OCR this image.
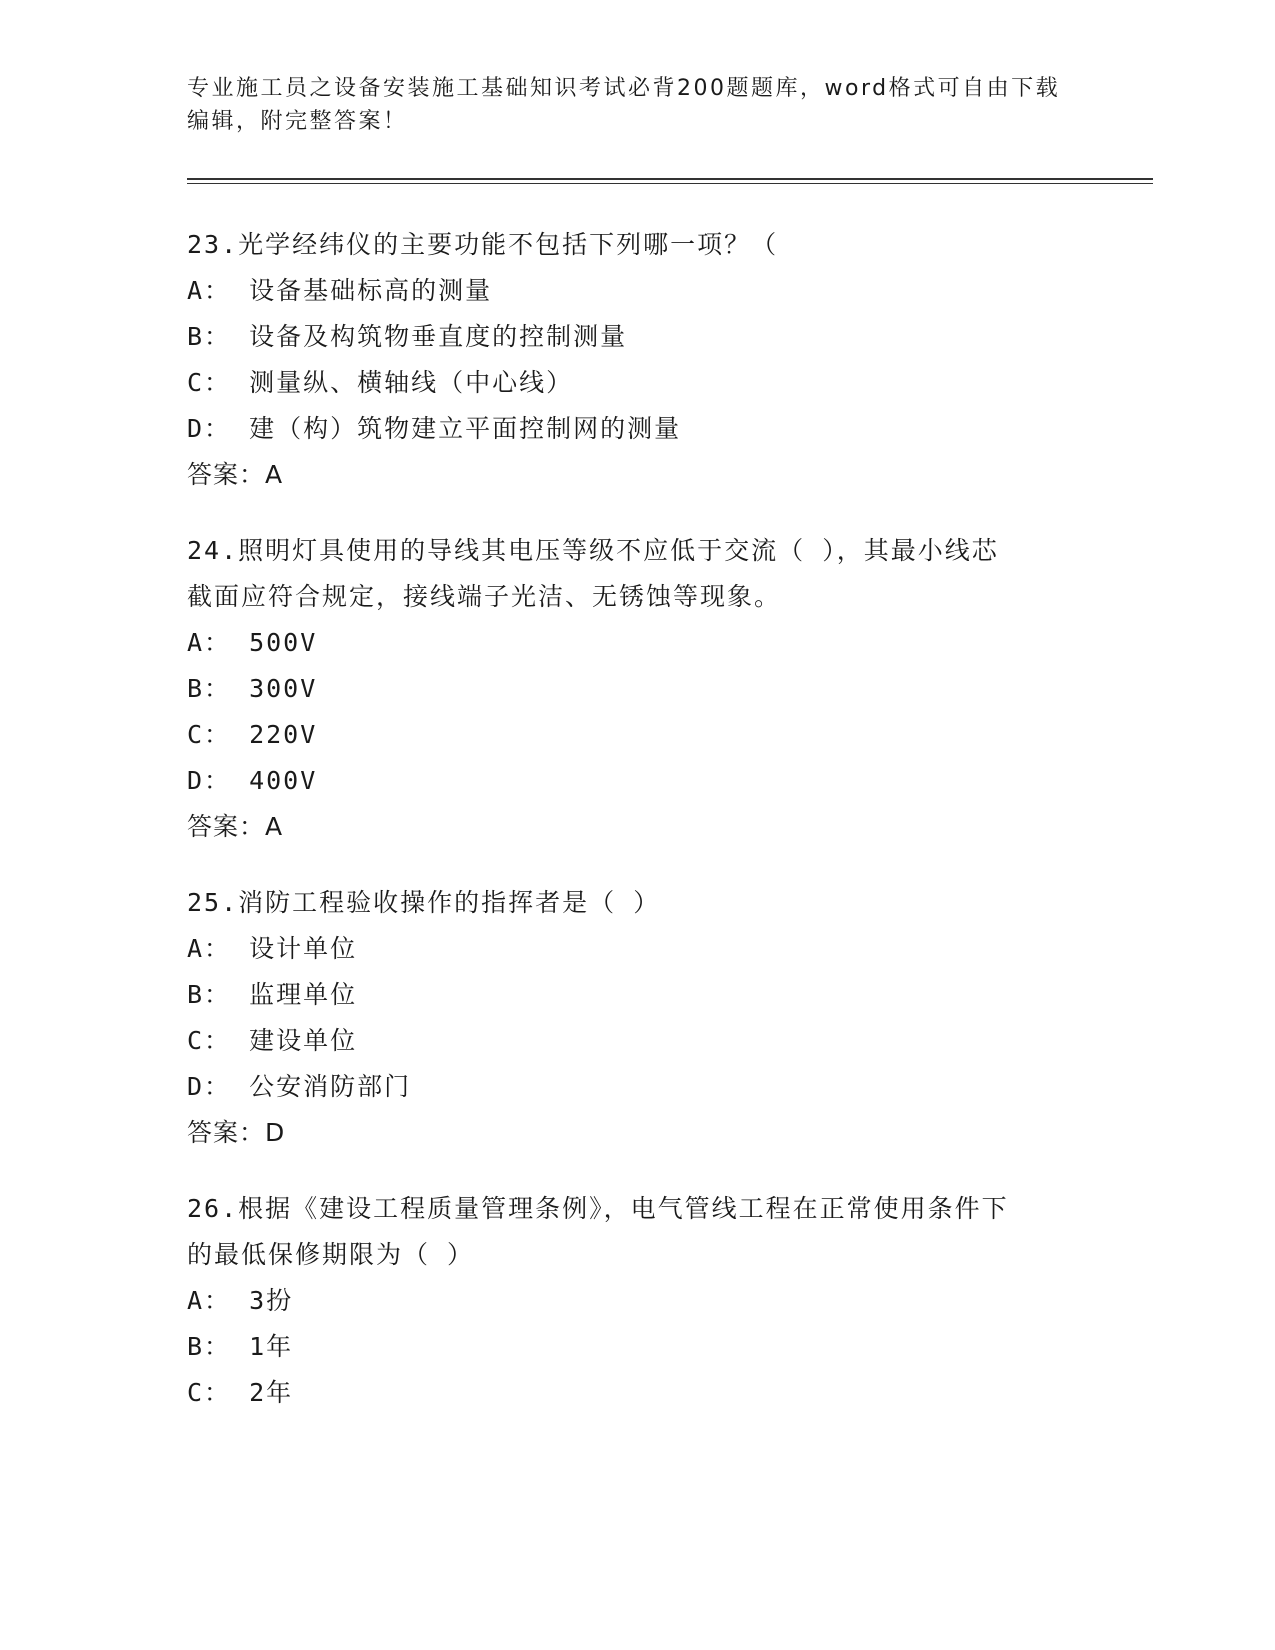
专业施工员之设备安装施工基础知识考试必背200题题库，word格式可自由下载
编辑，附完整答案！

23.光学经纬仪的主要功能不包括下列哪一项？（

A： 设备基础标高的测量

B： 设备及构筑物垂直度的控制测量

C： 测量纵、横轴线（中心线）

D： 建（构）筑物建立平面控制网的测量

答案：A

24.照明灯具使用的导线其电压等级不应低于交流（ ），其最小线芯

截面应符合规定，接线端子光洁、无锈蚀等现象。

A： 500V

B： 300V

C： 220V

D： 400V

答案：A

25.消防工程验收操作的指挥者是（ ）

A： 设计单位

B： 监理单位

C： 建设单位

D： 公安消防部门

答案：D

26.根据《建设工程质量管理条例》，电气管线工程在正常使用条件下

的最低保修期限为（ ）

A： 3扮

B： 1年

C： 2年
